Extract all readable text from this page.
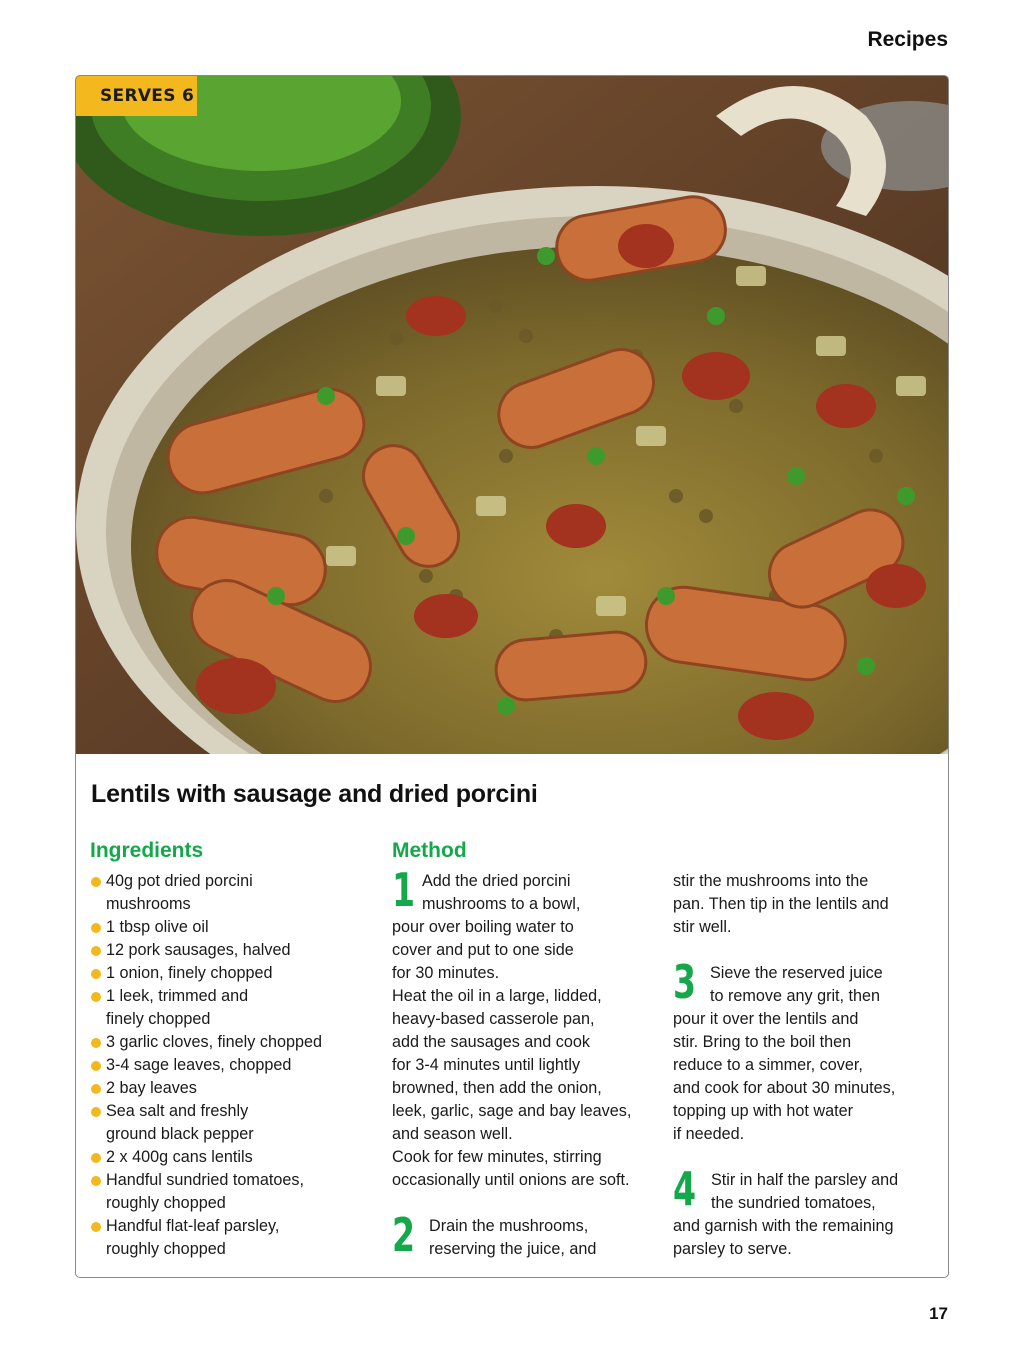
Recipes
SERVES 6
Lentils with sausage and dried porcini
Ingredients
40g pot dried porcini
mushrooms
1 tbsp olive oil
12 pork sausages, halved
1 onion, finely chopped
1 leek, trimmed and
finely chopped
3 garlic cloves, finely chopped
3-4 sage leaves, chopped
2 bay leaves
Sea salt and freshly
ground black pepper
2 x 400g cans lentils
Handful sundried tomatoes,
roughly chopped
Handful flat-leaf parsley,
roughly chopped
Method
1 Add the dried porcini
mushrooms to a bowl,
pour over boiling water to
cover and put to one side
for 30 minutes.
Heat the oil in a large, lidded,
heavy-based casserole pan,
add the sausages and cook
for 3-4 minutes until lightly
browned, then add the onion,
leek, garlic, sage and bay leaves,
and season well.
Cook for few minutes, stirring
occasionally until onions are soft.
2 Drain the mushrooms,
reserving the juice, and
stir the mushrooms into the
pan. Then tip in the lentils and
stir well.
3 Sieve the reserved juice
to remove any grit, then
pour it over the lentils and
stir. Bring to the boil then
reduce to a simmer, cover,
and cook for about 30 minutes,
topping up with hot water
if needed.
4 Stir in half the parsley and
the sundried tomatoes,
and garnish with the remaining
parsley to serve.
17
